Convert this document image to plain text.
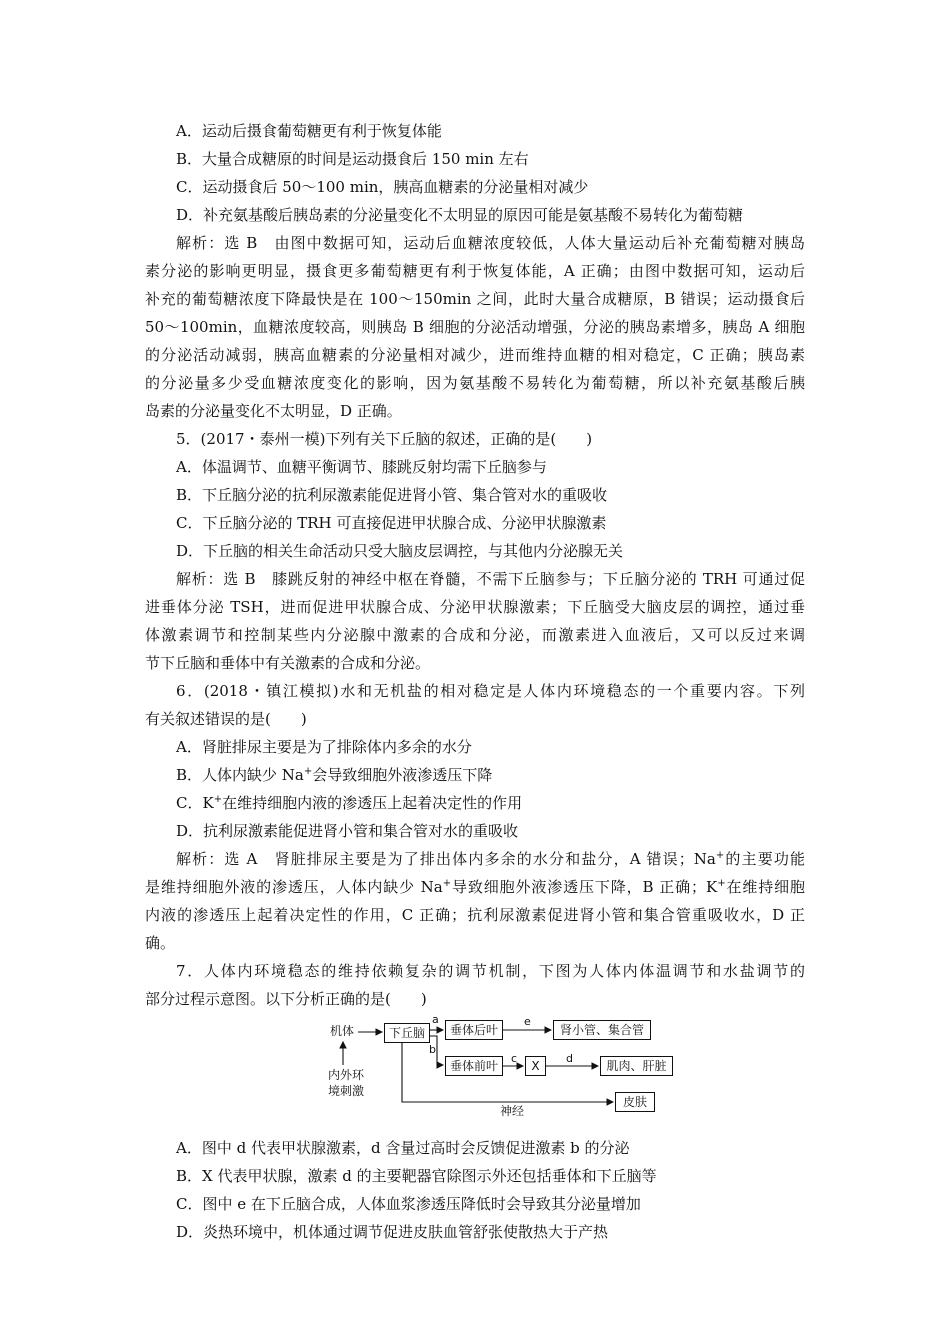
A．运动后摄食葡萄糖更有利于恢复体能
B．大量合成糖原的时间是运动摄食后 150 min 左右
C．运动摄食后 50～100 min，胰高血糖素的分泌量相对减少
D．补充氨基酸后胰岛素的分泌量变化不太明显的原因可能是氨基酸不易转化为葡萄糖
解析：选 B　由图中数据可知，运动后血糖浓度较低，人体大量运动后补充葡萄糖对胰岛
素分泌的影响更明显，摄食更多葡萄糖更有利于恢复体能，A 正确；由图中数据可知，运动后
补充的葡萄糖浓度下降最快是在 100～150min 之间，此时大量合成糖原，B 错误；运动摄食后
50～100min，血糖浓度较高，则胰岛 B 细胞的分泌活动增强，分泌的胰岛素增多，胰岛 A 细胞
的分泌活动减弱，胰高血糖素的分泌量相对减少，进而维持血糖的相对稳定，C 正确；胰岛素
的分泌量多少受血糖浓度变化的影响，因为氨基酸不易转化为葡萄糖，所以补充氨基酸后胰
岛素的分泌量变化不太明显，D 正确。
5．(2017・泰州一模)下列有关下丘脑的叙述，正确的是(　　)
A．体温调节、血糖平衡调节、膝跳反射均需下丘脑参与
B．下丘脑分泌的抗利尿激素能促进肾小管、集合管对水的重吸收
C．下丘脑分泌的 TRH 可直接促进甲状腺合成、分泌甲状腺激素
D．下丘脑的相关生命活动只受大脑皮层调控，与其他内分泌腺无关
解析：选 B　膝跳反射的神经中枢在脊髓，不需下丘脑参与；下丘脑分泌的 TRH 可通过促
进垂体分泌 TSH，进而促进甲状腺合成、分泌甲状腺激素；下丘脑受大脑皮层的调控，通过垂
体激素调节和控制某些内分泌腺中激素的合成和分泌，而激素进入血液后，又可以反过来调
节下丘脑和垂体中有关激素的合成和分泌。
6．(2018・镇江模拟)水和无机盐的相对稳定是人体内环境稳态的一个重要内容。下列
有关叙述错误的是(　　)
A．肾脏排尿主要是为了排除体内多余的水分
B．人体内缺少 Na+会导致细胞外液渗透压下降
C．K+在维持细胞内液的渗透压上起着决定性的作用
D．抗利尿激素能促进肾小管和集合管对水的重吸收
解析：选 A　肾脏排尿主要是为了排出体内多余的水分和盐分，A 错误；Na+的主要功能
是维持细胞外液的渗透压，人体内缺少 Na+导致细胞外液渗透压下降，B 正确；K+在维持细胞
内液的渗透压上起着决定性的作用，C 正确；抗利尿激素促进肾小管和集合管重吸收水，D 正
确。
7．人体内环境稳态的维持依赖复杂的调节机制，下图为人体内体温调节和水盐调节的
部分过程示意图。以下分析正确的是(　　)
机体
内外环
境刺激
下丘脑	垂体后叶
垂体前叶	X
肾小管、集合管
肌肉、肝脏
皮肤
a
b
c	d
e
神经
A．图中 d 代表甲状腺激素，d 含量过高时会反馈促进激素 b 的分泌
B．X 代表甲状腺，激素 d 的主要靶器官除图示外还包括垂体和下丘脑等
C．图中 e 在下丘脑合成，人体血浆渗透压降低时会导致其分泌量增加
D．炎热环境中，机体通过调节促进皮肤血管舒张使散热大于产热
